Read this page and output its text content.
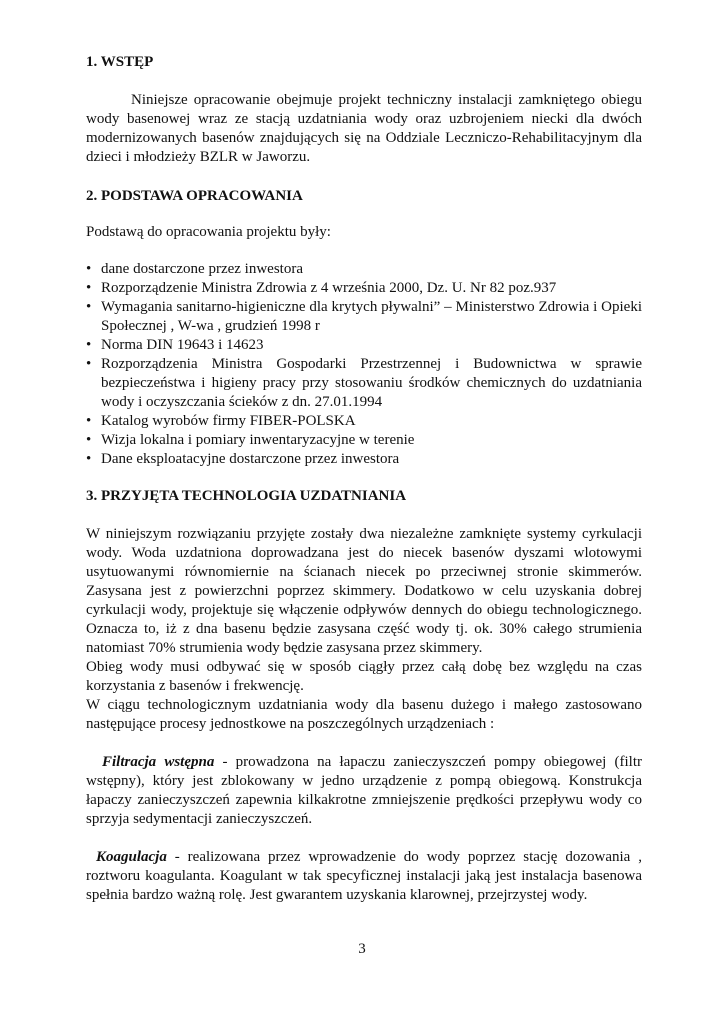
1. WSTĘP

Niniejsze opracowanie obejmuje projekt techniczny instalacji zamkniętego obiegu wody basenowej wraz ze stacją uzdatniania wody oraz uzbrojeniem niecki dla dwóch modernizowanych basenów znajdujących się na Oddziale Leczniczo-Rehabilitacyjnym dla dzieci i młodzieży BZLR w Jaworzu.

2. PODSTAWA OPRACOWANIA

Podstawą do opracowania projektu były:

• dane dostarczone przez inwestora
• Rozporządzenie Ministra Zdrowia z 4 września 2000, Dz. U. Nr 82 poz.937
• Wymagania sanitarno-higieniczne dla krytych pływalni” – Ministerstwo Zdrowia i Opieki Społecznej , W-wa , grudzień 1998 r
• Norma DIN 19643 i 14623
• Rozporządzenia Ministra Gospodarki Przestrzennej i Budownictwa w sprawie bezpieczeństwa i higieny pracy przy stosowaniu środków chemicznych do uzdatniania wody i oczyszczania ścieków z dn. 27.01.1994
• Katalog wyrobów firmy FIBER-POLSKA
• Wizja lokalna i pomiary inwentaryzacyjne w terenie
• Dane eksploatacyjne dostarczone przez inwestora
3. PRZYJĘTA TECHNOLOGIA UZDATNIANIA

W niniejszym rozwiązaniu przyjęte zostały dwa niezależne zamknięte systemy cyrkulacji wody. Woda uzdatniona doprowadzana jest do niecek basenów dyszami wlotowymi usytuowanymi równomiernie na ścianach niecek po przeciwnej stronie skimmerów. Zasysana jest z powierzchni poprzez skimmery. Dodatkowo w celu uzyskania dobrej cyrkulacji wody, projektuje się włączenie odpływów dennych do obiegu technologicznego. Oznacza to, iż z dna basenu będzie zasysana część wody tj. ok. 30% całego strumienia natomiast 70% strumienia wody będzie zasysana przez skimmery.

Obieg wody musi odbywać się w sposób ciągły przez całą dobę bez względu na czas korzystania z basenów i frekwencję.

W ciągu technologicznym uzdatniania wody dla basenu dużego i małego zastosowano następujące procesy jednostkowe na poszczególnych urządzeniach :

Filtracja wstępna - prowadzona na łapaczu zanieczyszczeń pompy obiegowej (filtr wstępny), który jest zblokowany w jedno urządzenie z pompą obiegową. Konstrukcja łapaczy zanieczyszczeń zapewnia kilkakrotne zmniejszenie prędkości przepływu wody co sprzyja sedymentacji zanieczyszczeń.

Koagulacja - realizowana przez wprowadzenie do wody poprzez stację dozowania , roztworu koagulanta. Koagulant w tak specyficznej instalacji jaką jest instalacja basenowa spełnia bardzo ważną rolę. Jest gwarantem uzyskania klarownej, przejrzystej wody.

3
